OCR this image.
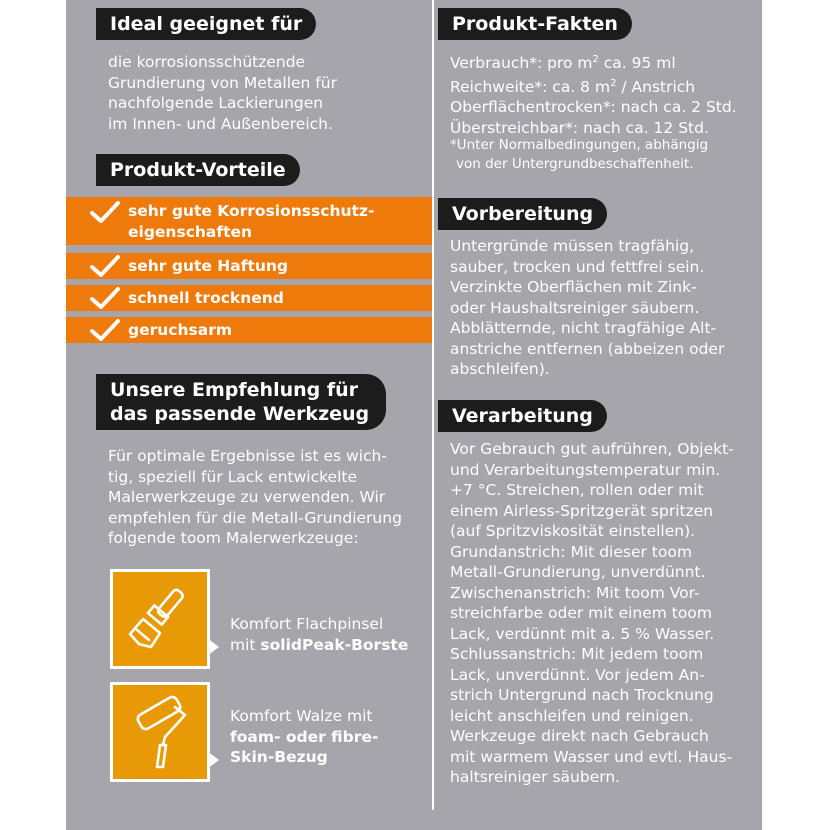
Ideal geeignet für
die korrosionsschützende
Grundierung von Metallen für
nachfolgende Lackierungen
im Innen- und Außenbereich.
Produkt-Vorteile
sehr gute Korrosionsschutz-
eigenschaften
sehr gute Haftung
schnell trocknend
geruchsarm
Unsere Empfehlung für
das passende Werkzeug
Für optimale Ergebnisse ist es wich-
tig, speziell für Lack entwickelte
Malerwerkzeuge zu verwenden. Wir
empfehlen für die Metall-Grundierung
folgende toom Malerwerkzeuge:
Komfort Flachpinsel
mit solidPeak-Borste
Komfort Walze mit
foam- oder fibre-
Skin-Bezug
Produkt-Fakten
Verbrauch*: pro $m^2$ ca. 95 ml
Reichweite*: ca. 8 $m^2$ / Anstrich
Oberflächentrocken*: nach ca. 2 Std.
Überstreichbar*: nach ca. 12 Std.
*Unter Normalbedingungen, abhängig
von der Untergrundbeschaffenheit.
Vorbereitung
Untergründe müssen tragfähig,
sauber, trocken und fettfrei sein.
Verzinkte Oberflächen mit Zink-
oder Haushaltsreiniger säubern.
Abblätternde, nicht tragfähige Alt-
anstriche entfernen (abbeizen oder
abschleifen).
Verarbeitung
Vor Gebrauch gut aufrühren, Objekt-
und Verarbeitungstemperatur min.
+7 °C. Streichen, rollen oder mit
einem Airless-Spritzgerät spritzen
(auf Spritzviskosität einstellen).
Grundanstrich: Mit dieser toom
Metall-Grundierung, unverdünnt.
Zwischenanstrich: Mit toom Vor-
streichfarbe oder mit einem toom
Lack, verdünnt mit a. 5 % Wasser.
Schlussanstrich: Mit jedem toom
Lack, unverdünnt. Vor jedem An-
strich Untergrund nach Trocknung
leicht anschleifen und reinigen.
Werkzeuge direkt nach Gebrauch
mit warmem Wasser und evtl. Haus-
haltsreiniger säubern.
